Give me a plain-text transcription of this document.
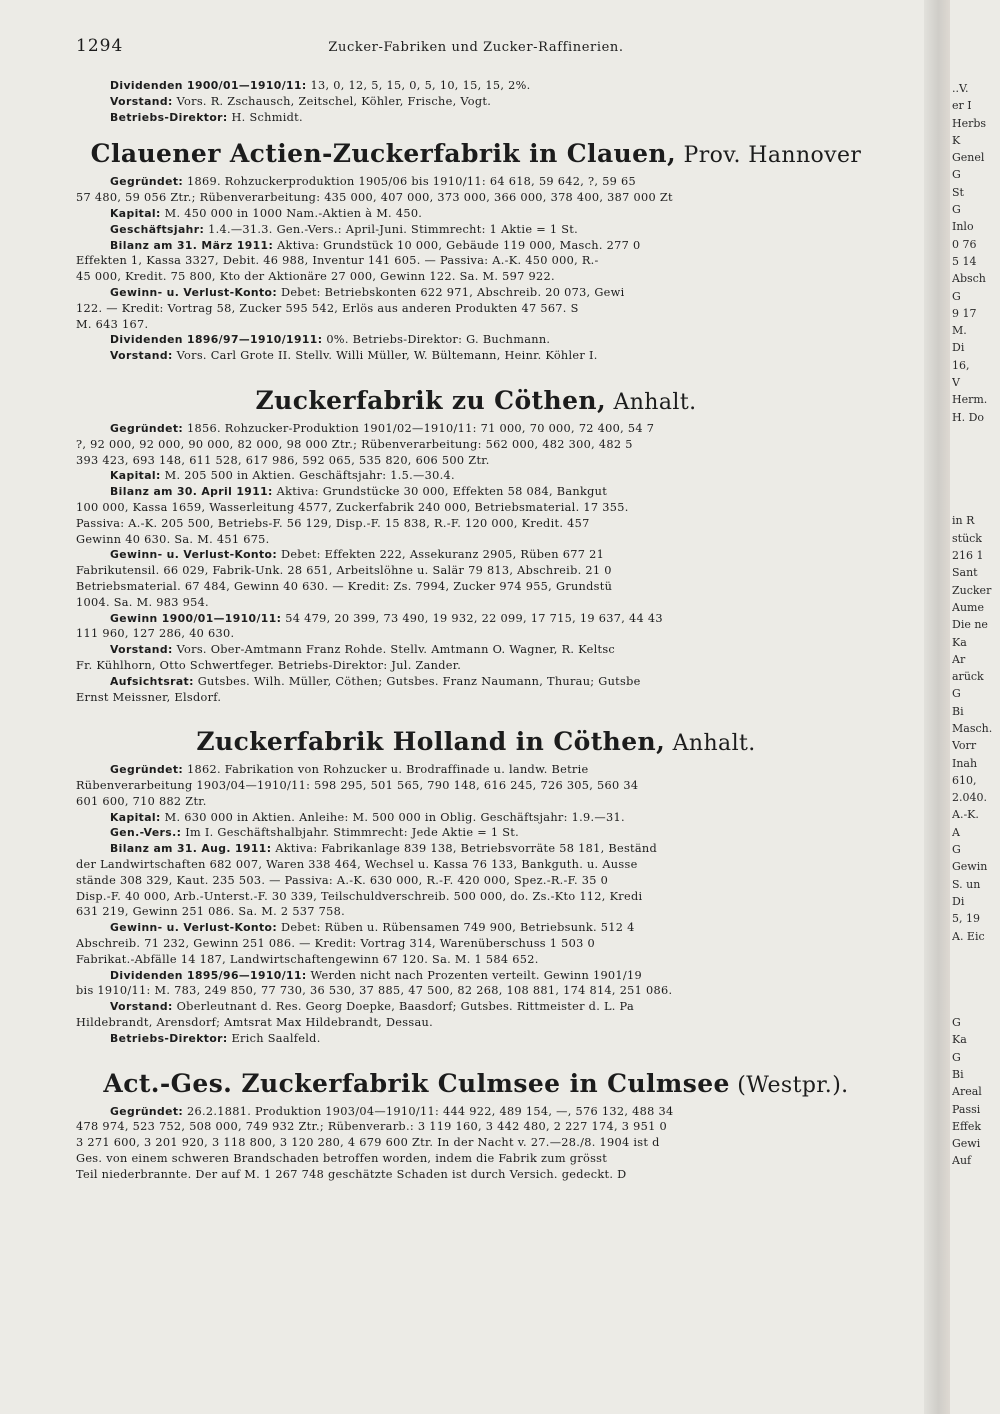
1294	Zucker-Fabriken und Zucker-Raffinerien.

Dividenden 1900/01—1910/11: 13, 0, 12, 5, 15, 0, 5, 10, 15, 15, 2%.

Vorstand: Vors. R. Zschausch, Zeitschel, Köhler, Frische, Vogt.

Betriebs-Direktor: H. Schmidt.

Clauener Actien-Zuckerfabrik in Clauen, Prov. Hannover

Gegründet: 1869. Rohzuckerproduktion 1905/06 bis 1910/11: 64 618, 59 642, ?, 59 65

57 480, 59 056 Ztr.; Rübenverarbeitung: 435 000, 407 000, 373 000, 366 000, 378 400, 387 000 Zt

Kapital: M. 450 000 in 1000 Nam.-Aktien à M. 450.

Geschäftsjahr: 1.4.—31.3. Gen.-Vers.: April-Juni. Stimmrecht: 1 Aktie = 1 St.

Bilanz am 31. März 1911: Aktiva: Grundstück 10 000, Gebäude 119 000, Masch. 277 0

Effekten 1, Kassa 3327, Debit. 46 988, Inventur 141 605. — Passiva: A.-K. 450 000, R.-

45 000, Kredit. 75 800, Kto der Aktionäre 27 000, Gewinn 122. Sa. M. 597 922.

Gewinn- u. Verlust-Konto: Debet: Betriebskonten 622 971, Abschreib. 20 073, Gewi

122. — Kredit: Vortrag 58, Zucker 595 542, Erlös aus anderen Produkten 47 567. S

M. 643 167.

Dividenden 1896/97—1910/1911: 0%. Betriebs-Direktor: G. Buchmann.

Vorstand: Vors. Carl Grote II. Stellv. Willi Müller, W. Bültemann, Heinr. Köhler I.

Zuckerfabrik zu Cöthen, Anhalt.

Gegründet: 1856. Rohzucker-Produktion 1901/02—1910/11: 71 000, 70 000, 72 400, 54 7

?, 92 000, 92 000, 90 000, 82 000, 98 000 Ztr.; Rübenverarbeitung: 562 000, 482 300, 482 5

393 423, 693 148, 611 528, 617 986, 592 065, 535 820, 606 500 Ztr.

Kapital: M. 205 500 in Aktien. Geschäftsjahr: 1.5.—30.4.

Bilanz am 30. April 1911: Aktiva: Grundstücke 30 000, Effekten 58 084, Bankgut

100 000, Kassa 1659, Wasserleitung 4577, Zuckerfabrik 240 000, Betriebsmaterial. 17 355.

Passiva: A.-K. 205 500, Betriebs-F. 56 129, Disp.-F. 15 838, R.-F. 120 000, Kredit. 457

Gewinn 40 630. Sa. M. 451 675.

Gewinn- u. Verlust-Konto: Debet: Effekten 222, Assekuranz 2905, Rüben 677 21

Fabrikutensil. 66 029, Fabrik-Unk. 28 651, Arbeitslöhne u. Salär 79 813, Abschreib. 21 0

Betriebsmaterial. 67 484, Gewinn 40 630. — Kredit: Zs. 7994, Zucker 974 955, Grundstü

1004. Sa. M. 983 954.

Gewinn 1900/01—1910/11: 54 479, 20 399, 73 490, 19 932, 22 099, 17 715, 19 637, 44 43

111 960, 127 286, 40 630.

Vorstand: Vors. Ober-Amtmann Franz Rohde. Stellv. Amtmann O. Wagner, R. Keltsc

Fr. Kühlhorn, Otto Schwertfeger. Betriebs-Direktor: Jul. Zander.

Aufsichtsrat: Gutsbes. Wilh. Müller, Cöthen; Gutsbes. Franz Naumann, Thurau; Gutsbe

Ernst Meissner, Elsdorf.

Zuckerfabrik Holland in Cöthen, Anhalt.

Gegründet: 1862. Fabrikation von Rohzucker u. Brodraffinade u. landw. Betrie

Rübenverarbeitung 1903/04—1910/11: 598 295, 501 565, 790 148, 616 245, 726 305, 560 34

601 600, 710 882 Ztr.

Kapital: M. 630 000 in Aktien. Anleihe: M. 500 000 in Oblig. Geschäftsjahr: 1.9.—31.

Gen.-Vers.: Im I. Geschäftshalbjahr. Stimmrecht: Jede Aktie = 1 St.

Bilanz am 31. Aug. 1911: Aktiva: Fabrikanlage 839 138, Betriebsvorräte 58 181, Beständ

der Landwirtschaften 682 007, Waren 338 464, Wechsel u. Kassa 76 133, Bankguth. u. Ausse

stände 308 329, Kaut. 235 503. — Passiva: A.-K. 630 000, R.-F. 420 000, Spez.-R.-F. 35 0

Disp.-F. 40 000, Arb.-Unterst.-F. 30 339, Teilschuldverschreib. 500 000, do. Zs.-Kto 112, Kredi

631 219, Gewinn 251 086. Sa. M. 2 537 758.

Gewinn- u. Verlust-Konto: Debet: Rüben u. Rübensamen 749 900, Betriebsunk. 512 4

Abschreib. 71 232, Gewinn 251 086. — Kredit: Vortrag 314, Warenüberschuss 1 503 0

Fabrikat.-Abfälle 14 187, Landwirtschaftengewinn 67 120. Sa. M. 1 584 652.

Dividenden 1895/96—1910/11: Werden nicht nach Prozenten verteilt. Gewinn 1901/19

bis 1910/11: M. 783, 249 850, 77 730, 36 530, 37 885, 47 500, 82 268, 108 881, 174 814, 251 086.

Vorstand: Oberleutnant d. Res. Georg Doepke, Baasdorf; Gutsbes. Rittmeister d. L. Pa

Hildebrandt, Arensdorf; Amtsrat Max Hildebrandt, Dessau.

Betriebs-Direktor: Erich Saalfeld.

Act.-Ges. Zuckerfabrik Culmsee in Culmsee (Westpr.).

Gegründet: 26.2.1881. Produktion 1903/04—1910/11: 444 922, 489 154, —, 576 132, 488 34

478 974, 523 752, 508 000, 749 932 Ztr.; Rübenverarb.: 3 119 160, 3 442 480, 2 227 174, 3 951 0

3 271 600, 3 201 920, 3 118 800, 3 120 280, 4 679 600 Ztr. In der Nacht v. 27.—28./8. 1904 ist d

Ges. von einem schweren Brandschaden betroffen worden, indem die Fabrik zum grösst

Teil niederbrannte. Der auf M. 1 267 748 geschätzte Schaden ist durch Versich. gedeckt. D

..V.
er I
Herbs
K
Genel
G
St
G
Inlo
0 76
5 14
Absch
G
9 17
M.
Di
16,
V
Herm.
H. Do

in R
stück
216 1
Sant
Zucker
Aume
Die ne
Ka
Ar
arück
G
Bi
Masch.
Vorr
Inah
610,
2.040.
A.-K.
A
G
Gewin
S. un
Di
5, 19
A. Eic

G
Ka
G
Bi
Areal
Passi
Effek
Gewi
Auf
